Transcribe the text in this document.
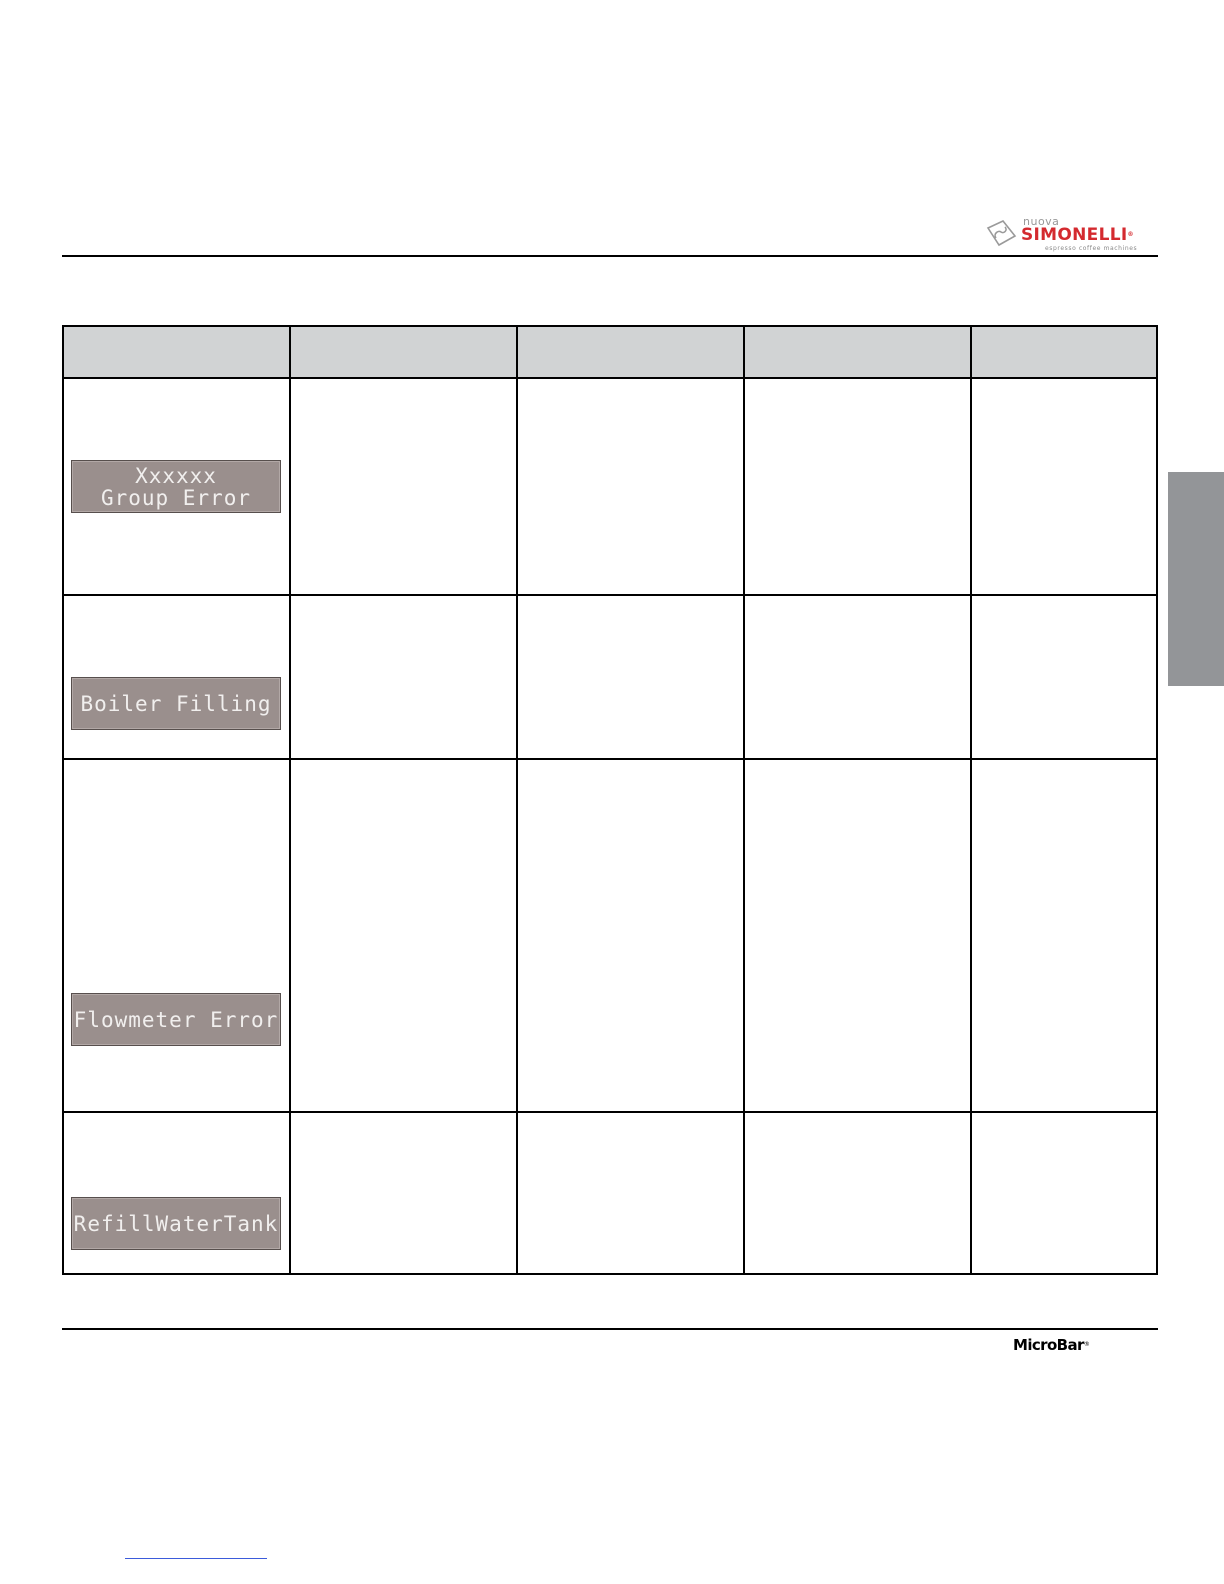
nuova
SIMONELLI®
espresso coffee machines
Xxxxxx
Group Error
Boiler Filling
Flowmeter Error
RefillWaterTank
MicroBar®
